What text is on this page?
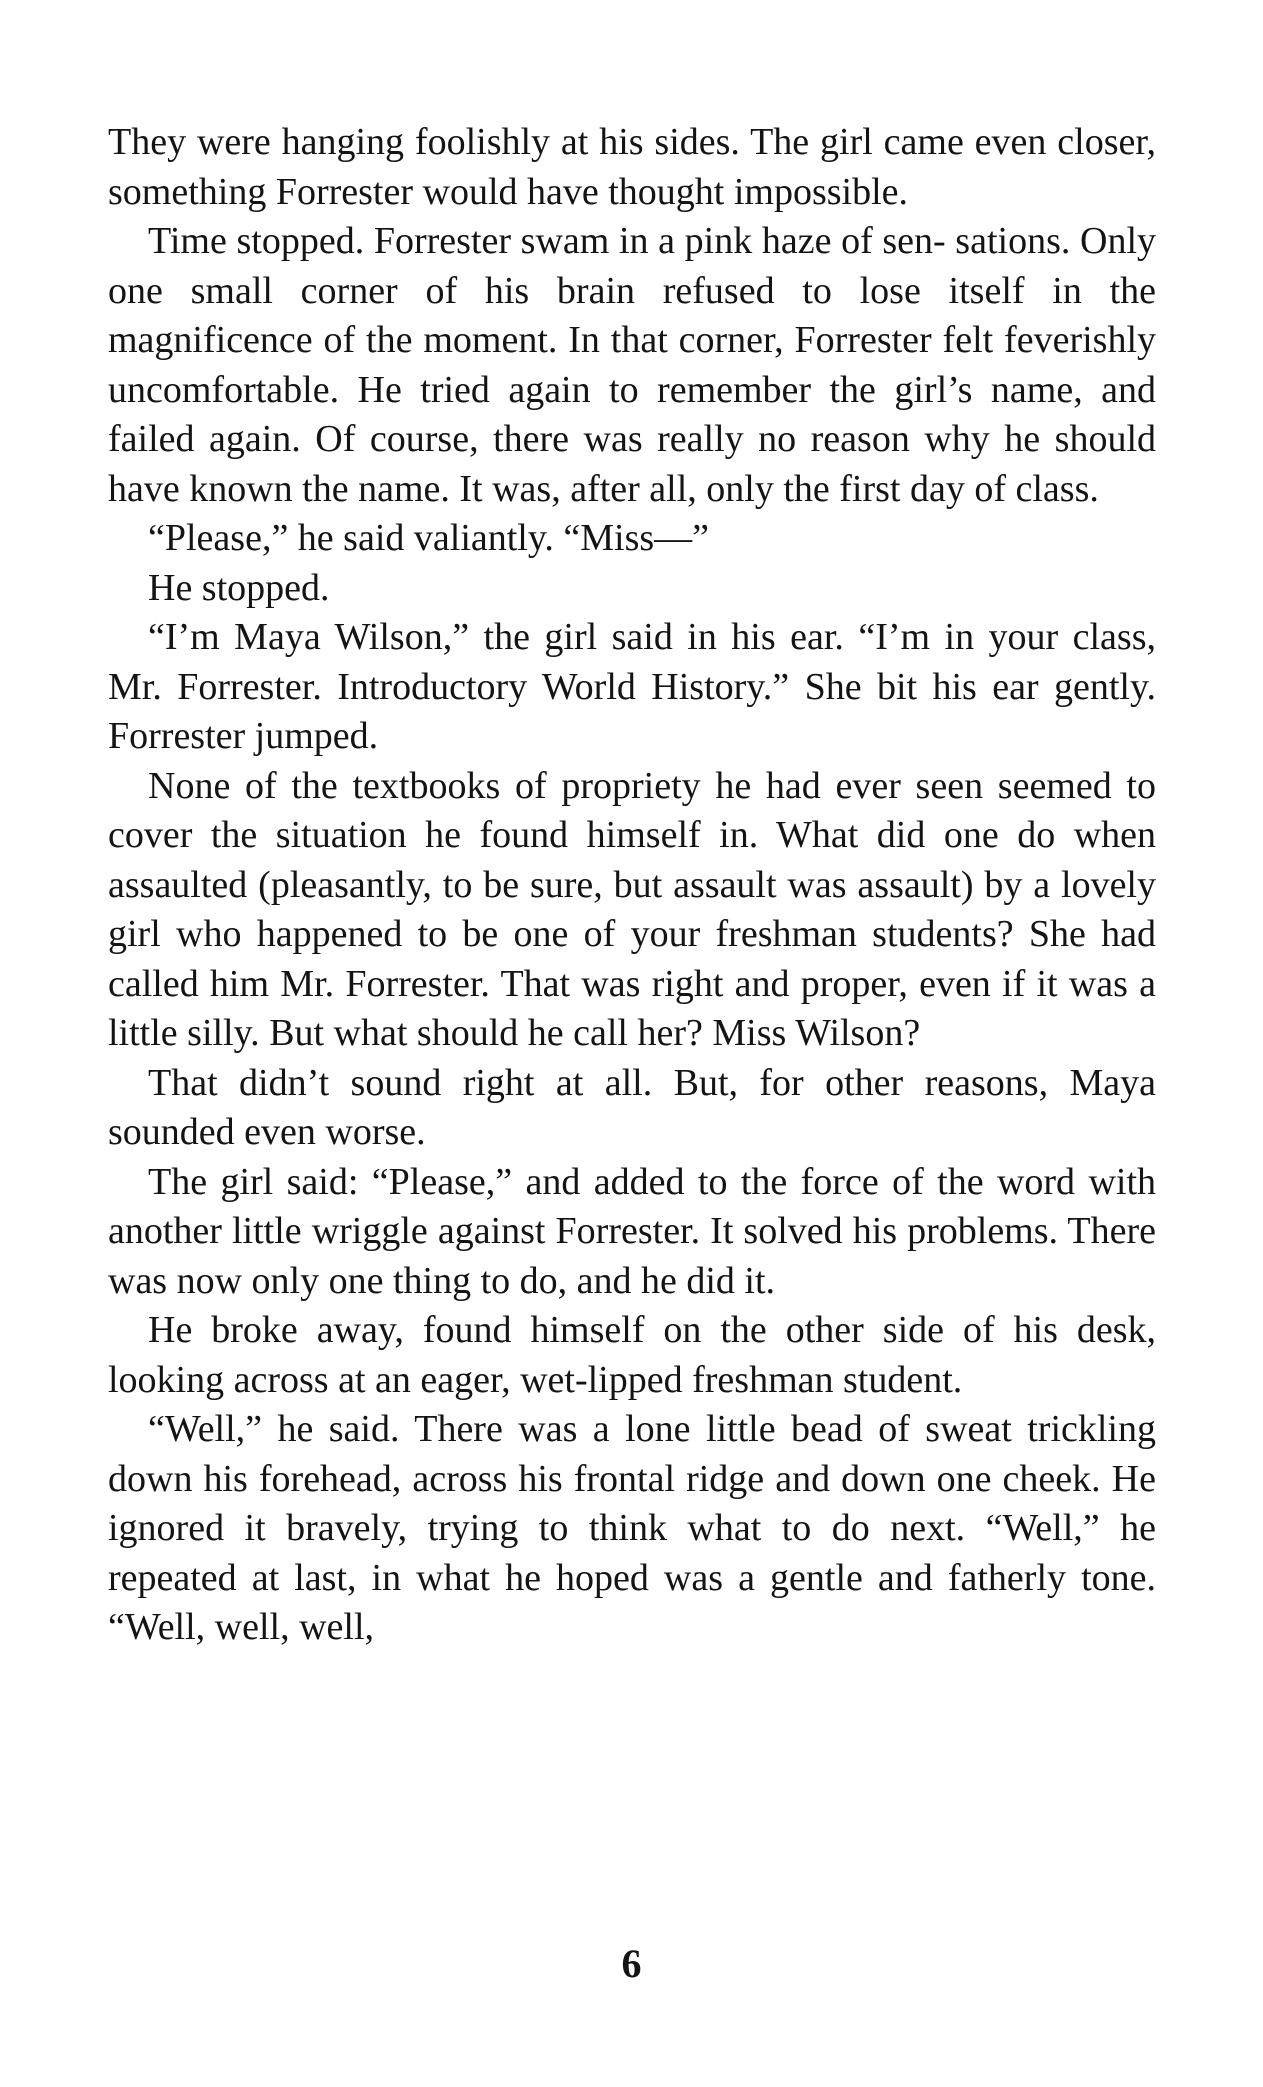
They were hanging foolishly at his sides. The girl came even closer, something Forrester would have thought impossible.

Time stopped. Forrester swam in a pink haze of sen- sations. Only one small corner of his brain refused to lose itself in the magnificence of the moment. In that corner, Forrester felt feverishly uncomfortable. He tried again to remember the girl’s name, and failed again. Of course, there was really no reason why he should have known the name. It was, after all, only the first day of class.

“Please,” he said valiantly. “Miss—”

He stopped.

“I’m Maya Wilson,” the girl said in his ear. “I’m in your class, Mr. Forrester. Introductory World History.” She bit his ear gently. Forrester jumped.

None of the textbooks of propriety he had ever seen seemed to cover the situation he found himself in. What did one do when assaulted (pleasantly, to be sure, but assault was assault) by a lovely girl who happened to be one of your freshman students? She had called him Mr. Forrester. That was right and proper, even if it was a little silly. But what should he call her? Miss Wilson?

That didn’t sound right at all. But, for other reasons, Maya sounded even worse.

The girl said: “Please,” and added to the force of the word with another little wriggle against Forrester. It solved his problems. There was now only one thing to do, and he did it.

He broke away, found himself on the other side of his desk, looking across at an eager, wet-lipped freshman student.

“Well,” he said. There was a lone little bead of sweat trickling down his forehead, across his frontal ridge and down one cheek. He ignored it bravely, trying to think what to do next. “Well,” he repeated at last, in what he hoped was a gentle and fatherly tone. “Well, well, well,

6
